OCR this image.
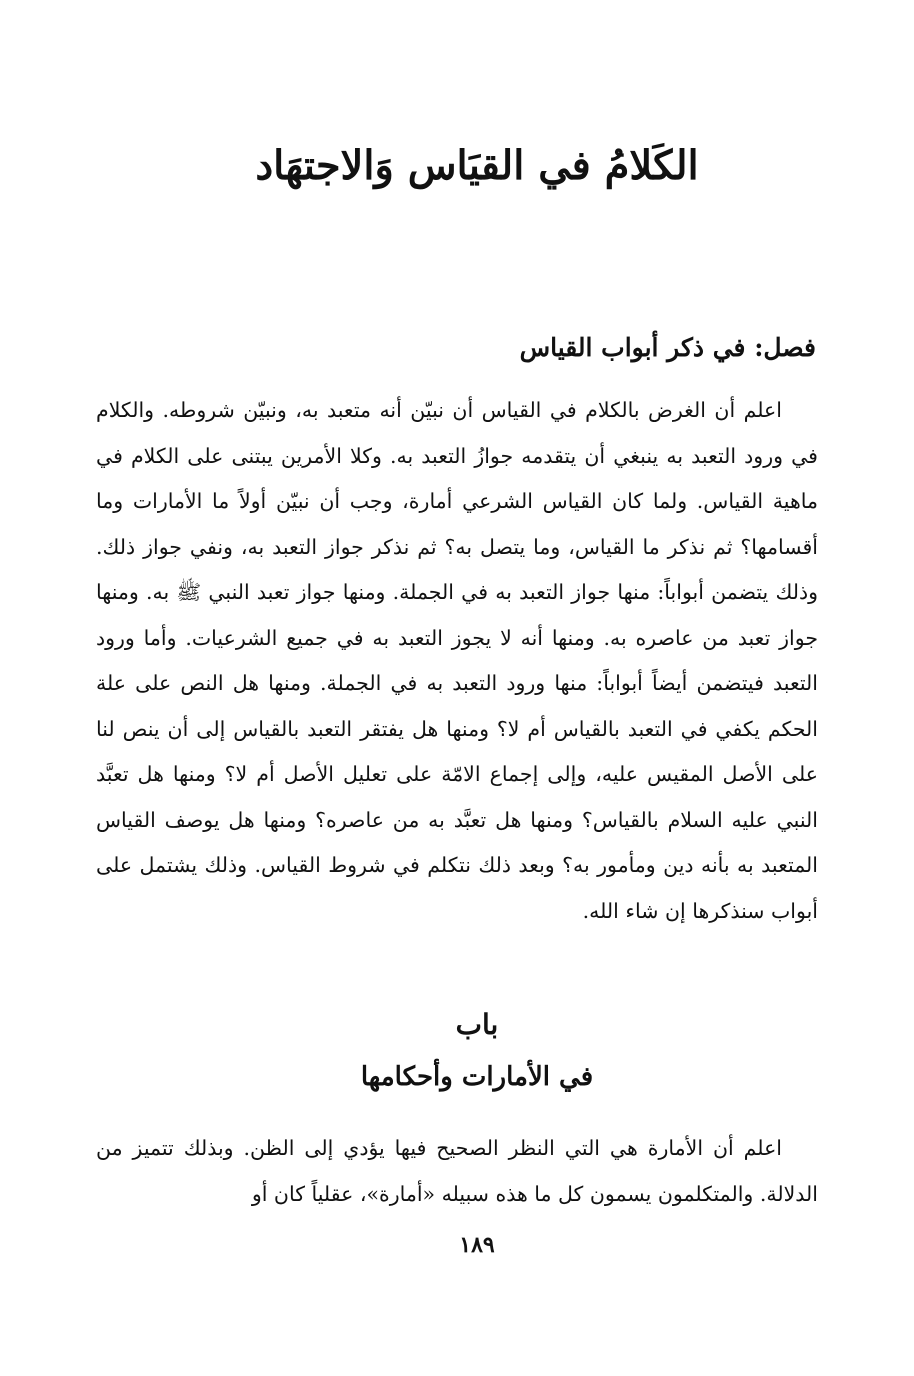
الكَلامُ في القيَاس وَالاجتهَاد
فصل: في ذكر أبواب القياس

اعلم أن الغرض بالكلام في القياس أن نبيّن أنه متعبد به، ونبيّن شروطه. والكلام في ورود التعبد به ينبغي أن يتقدمه جوازُ التعبد به. وكلا الأمرين يبتنى على الكلام في ماهية القياس. ولما كان القياس الشرعي أمارة، وجب أن نبيّن أولاً ما الأمارات وما أقسامها؟ ثم نذكر ما القياس، وما يتصل به؟ ثم نذكر جواز التعبد به، ونفي جواز ذلك. وذلك يتضمن أبواباً: منها جواز التعبد به في الجملة. ومنها جواز تعبد النبي ﷺ به. ومنها جواز تعبد من عاصره به. ومنها أنه لا يجوز التعبد به في جميع الشرعيات. وأما ورود التعبد فيتضمن أيضاً أبواباً: منها ورود التعبد به في الجملة. ومنها هل النص على علة الحكم يكفي في التعبد بالقياس أم لا؟ ومنها هل يفتقر التعبد بالقياس إلى أن ينص لنا على الأصل المقيس عليه، وإلى إجماع الامّة على تعليل الأصل أم لا؟ ومنها هل تعبَّد النبي عليه السلام بالقياس؟ ومنها هل تعبَّد به من عاصره؟ ومنها هل يوصف القياس المتعبد به بأنه دين ومأمور به؟ وبعد ذلك نتكلم في شروط القياس. وذلك يشتمل على أبواب سنذكرها إن شاء الله.

باب
في الأمارات وأحكامها

اعلم أن الأمارة هي التي النظر الصحيح فيها يؤدي إلى الظن. وبذلك تتميز من الدلالة. والمتكلمون يسمون كل ما هذه سبيله «أمارة»، عقلياً كان أو

١٨٩
